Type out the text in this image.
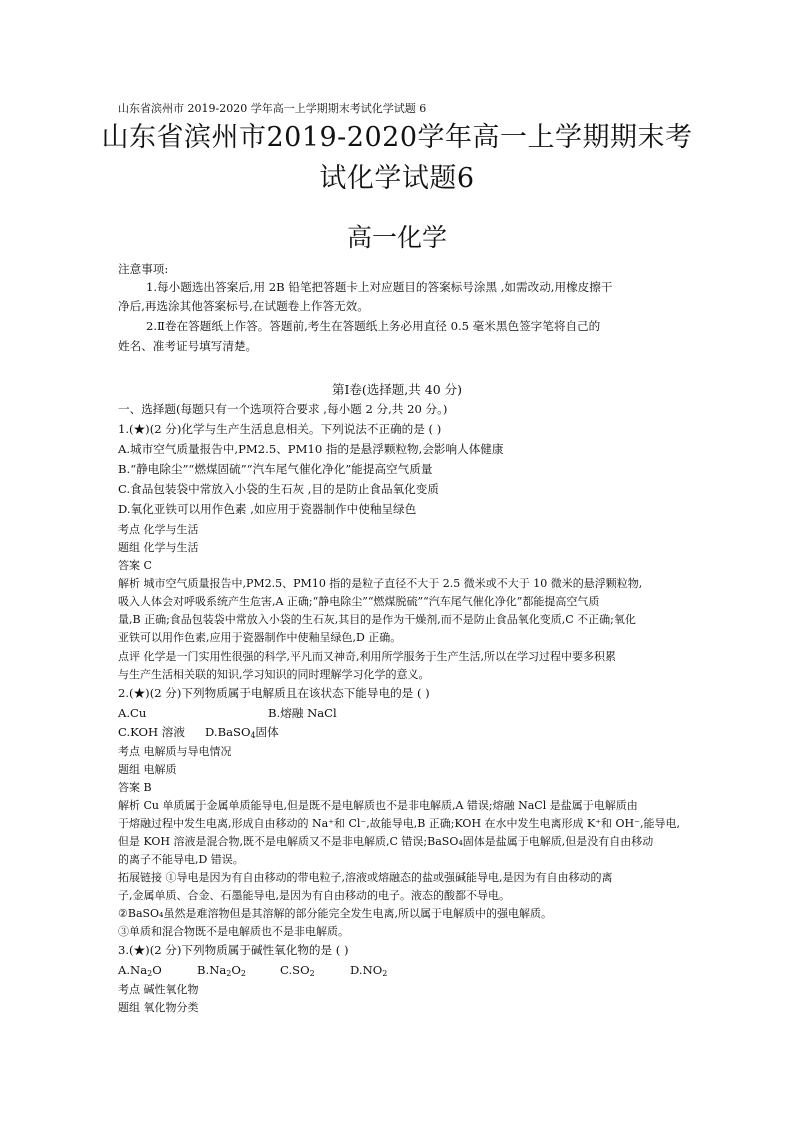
山东省滨州市 2019-2020 学年高一上学期期末考试化学试题 6
山东省滨州市2019-2020学年高一上学期期末考
试化学试题6
高一化学
注意事项:
1.每小题选出答案后,用 2B 铅笔把答题卡上对应题目的答案标号涂黑 ,如需改动,用橡皮擦干
净后,再选涂其他答案标号,在试题卷上作答无效。
2.Ⅱ卷在答题纸上作答。答题前,考生在答题纸上务必用直径 0.5 毫米黑色签字笔将自己的
姓名、准考证号填写清楚。
第Ⅰ卷(选择题,共 40 分)
一、选择题(每题只有一个选项符合要求 ,每小题 2 分,共 20 分。)
1.(★)(2 分)化学与生产生活息息相关。下列说法不正确的是 ( )
A.城市空气质量报告中,PM2.5、PM10 指的是悬浮颗粒物,会影响人体健康
B.“静电除尘”“燃煤固硫”“汽车尾气催化净化”能提高空气质量
C.食品包装袋中常放入小袋的生石灰 ,目的是防止食品氧化变质
D.氧化亚铁可以用作色素 ,如应用于瓷器制作中使釉呈绿色
考点 化学与生活
题组 化学与生活
答案 C
解析 城市空气质量报告中,PM2.5、PM10 指的是粒子直径不大于 2.5 微米或不大于 10 微米的悬浮颗粒物,
吸入人体会对呼吸系统产生危害,A 正确;“静电除尘”“燃煤脱硫”“汽车尾气催化净化”都能提高空气质
量,B 正确;食品包装袋中常放入小袋的生石灰,其目的是作为干燥剂,而不是防止食品氧化变质,C 不正确;氧化
亚铁可以用作色素,应用于瓷器制作中使釉呈绿色,D 正确。
点评 化学是一门实用性很强的科学,平凡而又神奇,利用所学服务于生产生活,所以在学习过程中要多积累
与生产生活相关联的知识,学习知识的同时理解学习化学的意义。
2.(★)(2 分)下列物质属于电解质且在该状态下能导电的是 ( )
A.Cu	B.熔融 NaCl
C.KOH 溶液 D.BaSO$_4$固体
考点 电解质与导电情况
题组 电解质
答案 B
解析 Cu 单质属于金属单质能导电,但是既不是电解质也不是非电解质,A 错误;熔融 NaCl 是盐属于电解质由
于熔融过程中发生电离,形成自由移动的 Na⁺和 Cl⁻,故能导电,B 正确;KOH 在水中发生电离形成 K⁺和 OH⁻,能导电,
但是 KOH 溶液是混合物,既不是电解质又不是非电解质,C 错误;BaSO₄固体是盐属于电解质,但是没有自由移动
的离子不能导电,D 错误。
拓展链接 ①导电是因为有自由移动的带电粒子,溶液或熔融态的盐或强碱能导电,是因为有自由移动的离
子,金属单质、合金、石墨能导电,是因为有自由移动的电子。液态的酸都不导电。
②BaSO₄虽然是难溶物但是其溶解的部分能完全发生电离,所以属于电解质中的强电解质。
③单质和混合物既不是电解质也不是非电解质。
3.(★)(2 分)下列物质属于碱性氧化物的是 ( )
$A.Na_2O$	$B.Na_2O_2$	$C.SO_2$	$D.NO_2$
考点 碱性氧化物
题组 氧化物分类
